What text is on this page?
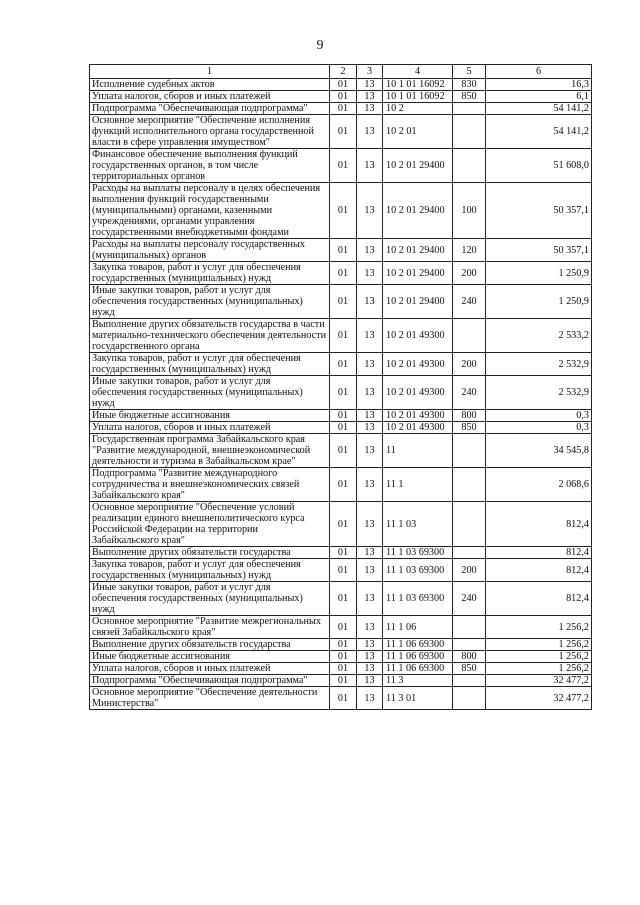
9
1	2	3	4	5	6
Исполнение судебных актов	01	13	10 1 01 16092	830	16,3
Уплата налогов, сборов и иных платежей	01	13	10 1 01 16092	850	6,1
Подпрограмма "Обеспечивающая подпрограмма"	01	13	10 2		54 141,2
Основное мероприятие "Обеспечение исполнения функций исполнительного органа государственной власти в сфере управления имуществом"	01	13	10 2 01		54 141,2
Финансовое обеспечение выполнения функций государственных органов, в том числе территориальных органов	01	13	10 2 01 29400		51 608,0
Расходы на выплаты персоналу в целях обеспечения выполнения функций государственными (муниципальными) органами, казенными учреждениями, органами управления государственными внебюджетными фондами	01	13	10 2 01 29400	100	50 357,1
Расходы на выплаты персоналу государственных (муниципальных) органов	01	13	10 2 01 29400	120	50 357,1
Закупка товаров, работ и услуг для обеспечения государственных (муниципальных) нужд	01	13	10 2 01 29400	200	1 250,9
Иные закупки товаров, работ и услуг для обеспечения государственных (муниципальных) нужд	01	13	10 2 01 29400	240	1 250,9
Выполнение других обязательств государства в части материально-технического обеспечения деятельности государственного органа	01	13	10 2 01 49300		2 533,2
Закупка товаров, работ и услуг для обеспечения государственных (муниципальных) нужд	01	13	10 2 01 49300	200	2 532,9
Иные закупки товаров, работ и услуг для обеспечения государственных (муниципальных) нужд	01	13	10 2 01 49300	240	2 532,9
Иные бюджетные ассигнования	01	13	10 2 01 49300	800	0,3
Уплата налогов, сборов и иных платежей	01	13	10 2 01 49300	850	0,3
Государственная программа Забайкальского края "Развитие международной, внешнеэкономической деятельности и туризма в Забайкальском крае"	01	13	11		34 545,8
Подпрограмма "Развитие международного сотрудничества и внешнеэкономических связей Забайкальского края"	01	13	11 1		2 068,6
Основное мероприятие "Обеспечение условий реализации единого внешнеполитического курса Российской Федерации на территории Забайкальского края"	01	13	11 1 03		812,4
Выполнение других обязательств государства	01	13	11 1 03 69300		812,4
Закупка товаров, работ и услуг для обеспечения государственных (муниципальных) нужд	01	13	11 1 03 69300	200	812,4
Иные закупки товаров, работ и услуг для обеспечения государственных (муниципальных) нужд	01	13	11 1 03 69300	240	812,4
Основное мероприятие "Развитие межрегиональных связей Забайкальского края"	01	13	11 1 06		1 256,2
Выполнение других обязательств государства	01	13	11 1 06 69300		1 256,2
Иные бюджетные ассигнования	01	13	11 1 06 69300	800	1 256,2
Уплата налогов, сборов и иных платежей	01	13	11 1 06 69300	850	1 256,2
Подпрограмма "Обеспечивающая подпрограмма"	01	13	11 3		32 477,2
Основное мероприятие "Обеспечение деятельности Министерства"	01	13	11 3 01		32 477,2
